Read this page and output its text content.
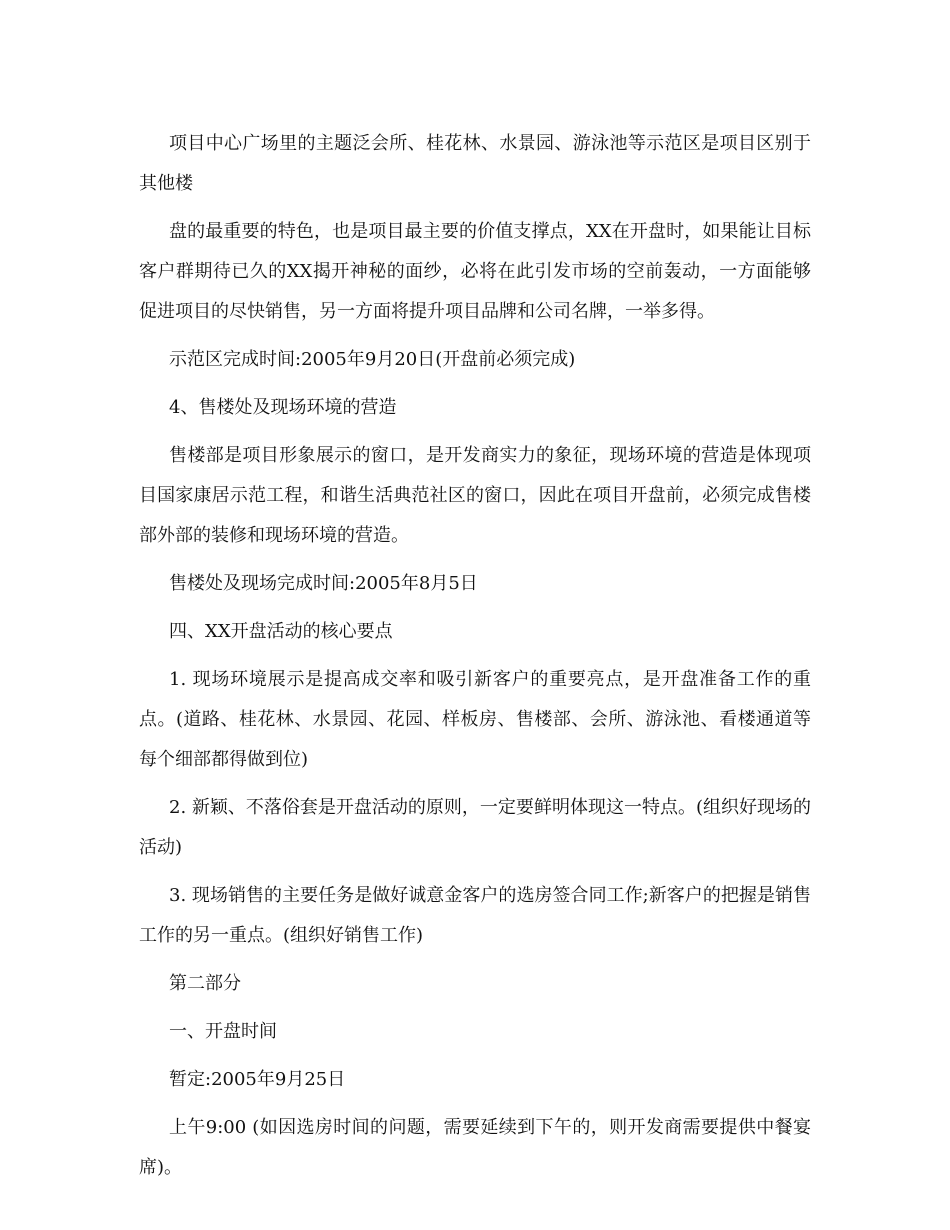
项目中心广场里的主题泛会所、桂花林、水景园、游泳池等示范区是项目区别于其他楼

盘的最重要的特色，也是项目最主要的价值支撑点，XX在开盘时，如果能让目标客户群期待已久的XX揭开神秘的面纱，必将在此引发市场的空前轰动，一方面能够促进项目的尽快销售，另一方面将提升项目品牌和公司名牌，一举多得。

示范区完成时间:2005年9月20日(开盘前必须完成)

4、售楼处及现场环境的营造

售楼部是项目形象展示的窗口，是开发商实力的象征，现场环境的营造是体现项目国家康居示范工程，和谐生活典范社区的窗口，因此在项目开盘前，必须完成售楼部外部的装修和现场环境的营造。

售楼处及现场完成时间:2005年8月5日

四、XX开盘活动的核心要点

1. 现场环境展示是提高成交率和吸引新客户的重要亮点，是开盘准备工作的重点。(道路、桂花林、水景园、花园、样板房、售楼部、会所、游泳池、看楼通道等每个细部都得做到位)

2. 新颖、不落俗套是开盘活动的原则，一定要鲜明体现这一特点。(组织好现场的活动)

3. 现场销售的主要任务是做好诚意金客户的选房签合同工作;新客户的把握是销售工作的另一重点。(组织好销售工作)

第二部分

一、开盘时间

暂定:2005年9月25日

上午9:00 (如因选房时间的问题，需要延续到下午的，则开发商需要提供中餐宴席)。
